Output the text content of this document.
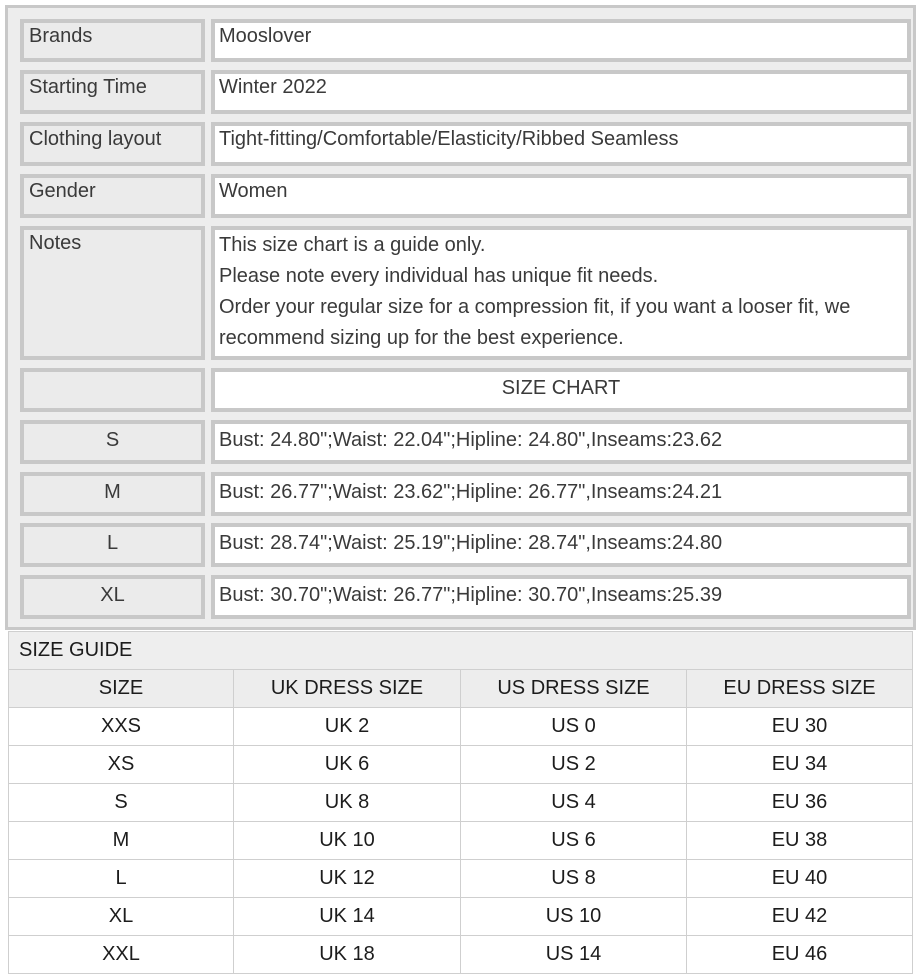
Brands	Mooslover
Starting Time	Winter 2022
Clothing layout	Tight-fitting/Comfortable/Elasticity/Ribbed Seamless
Gender	Women
Notes	This size chart is a guide only.
Please note every individual has unique fit needs.
Order your regular size for a compression fit, if you want a looser fit, we
recommend sizing up for the best experience.
SIZE CHART
S	Bust: 24.80";Waist: 22.04";Hipline: 24.80",Inseams:23.62
M	Bust: 26.77";Waist: 23.62";Hipline: 26.77",Inseams:24.21
L	Bust: 28.74";Waist: 25.19";Hipline: 28.74",Inseams:24.80
XL	Bust: 30.70";Waist: 26.77";Hipline: 30.70",Inseams:25.39
SIZE GUIDE			
SIZE	UK DRESS SIZE	US DRESS SIZE	EU DRESS SIZE
XXS	UK 2	US 0	EU 30
XS	UK 6	US 2	EU 34
S	UK 8	US 4	EU 36
M	UK 10	US 6	EU 38
L	UK 12	US 8	EU 40
XL	UK 14	US 10	EU 42
XXL	UK 18	US 14	EU 46
